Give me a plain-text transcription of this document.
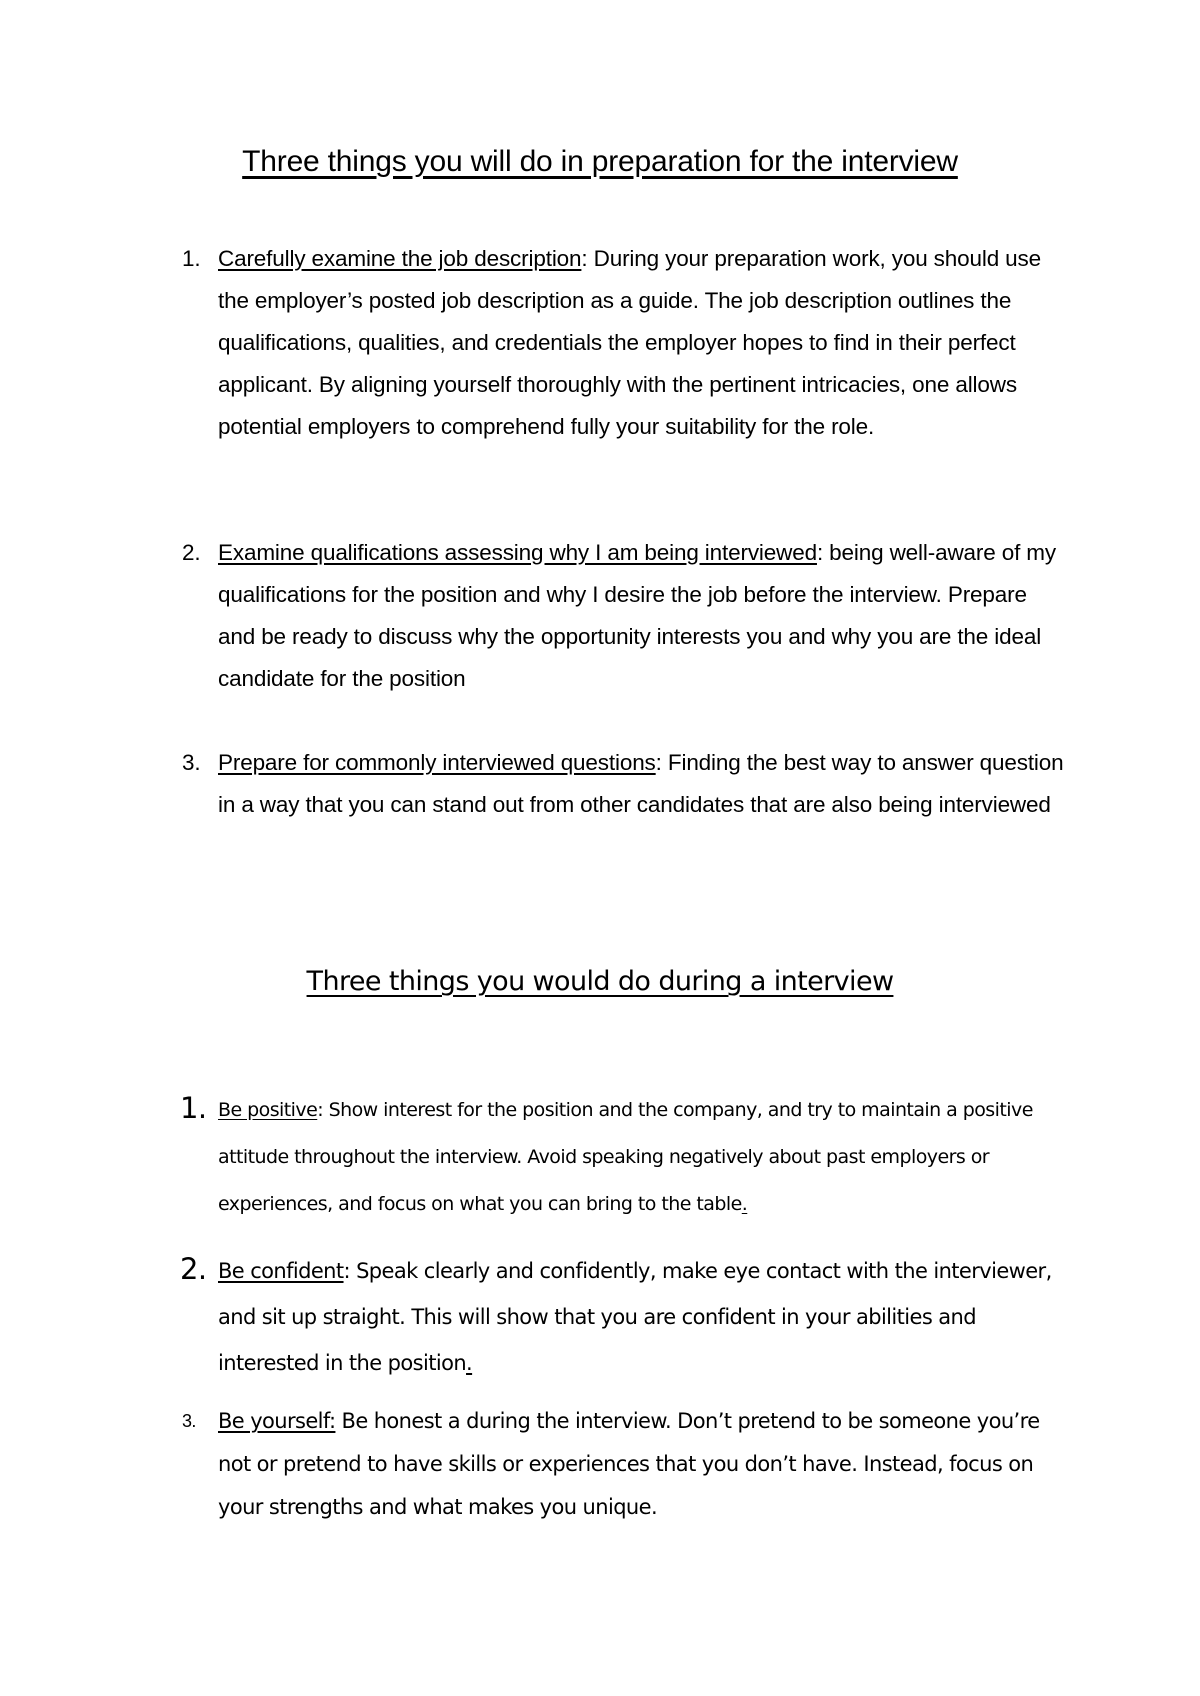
Three things you will do in preparation for the interview
1. Carefully examine the job description: During your preparation work, you should use the employer’s posted job description as a guide. The job description outlines the qualifications, qualities, and credentials the employer hopes to find in their perfect applicant. By aligning yourself thoroughly with the pertinent intricacies, one allows potential employers to comprehend fully your suitability for the role.
2. Examine qualifications assessing why I am being interviewed: being well-aware of my qualifications for the position and why I desire the job before the interview. Prepare and be ready to discuss why the opportunity interests you and why you are the ideal candidate for the position
3. Prepare for commonly interviewed questions: Finding the best way to answer question in a way that you can stand out from other candidates that are also being interviewed
Three things you would do during a interview
1. Be positive: Show interest for the position and the company, and try to maintain a positive attitude throughout the interview. Avoid speaking negatively about past employers or experiences, and focus on what you can bring to the table.
2. Be confident: Speak clearly and confidently, make eye contact with the interviewer, and sit up straight. This will show that you are confident in your abilities and interested in the position.
3. Be yourself: Be honest a during the interview. Don’t pretend to be someone you’re not or pretend to have skills or experiences that you don’t have. Instead, focus on your strengths and what makes you unique.
